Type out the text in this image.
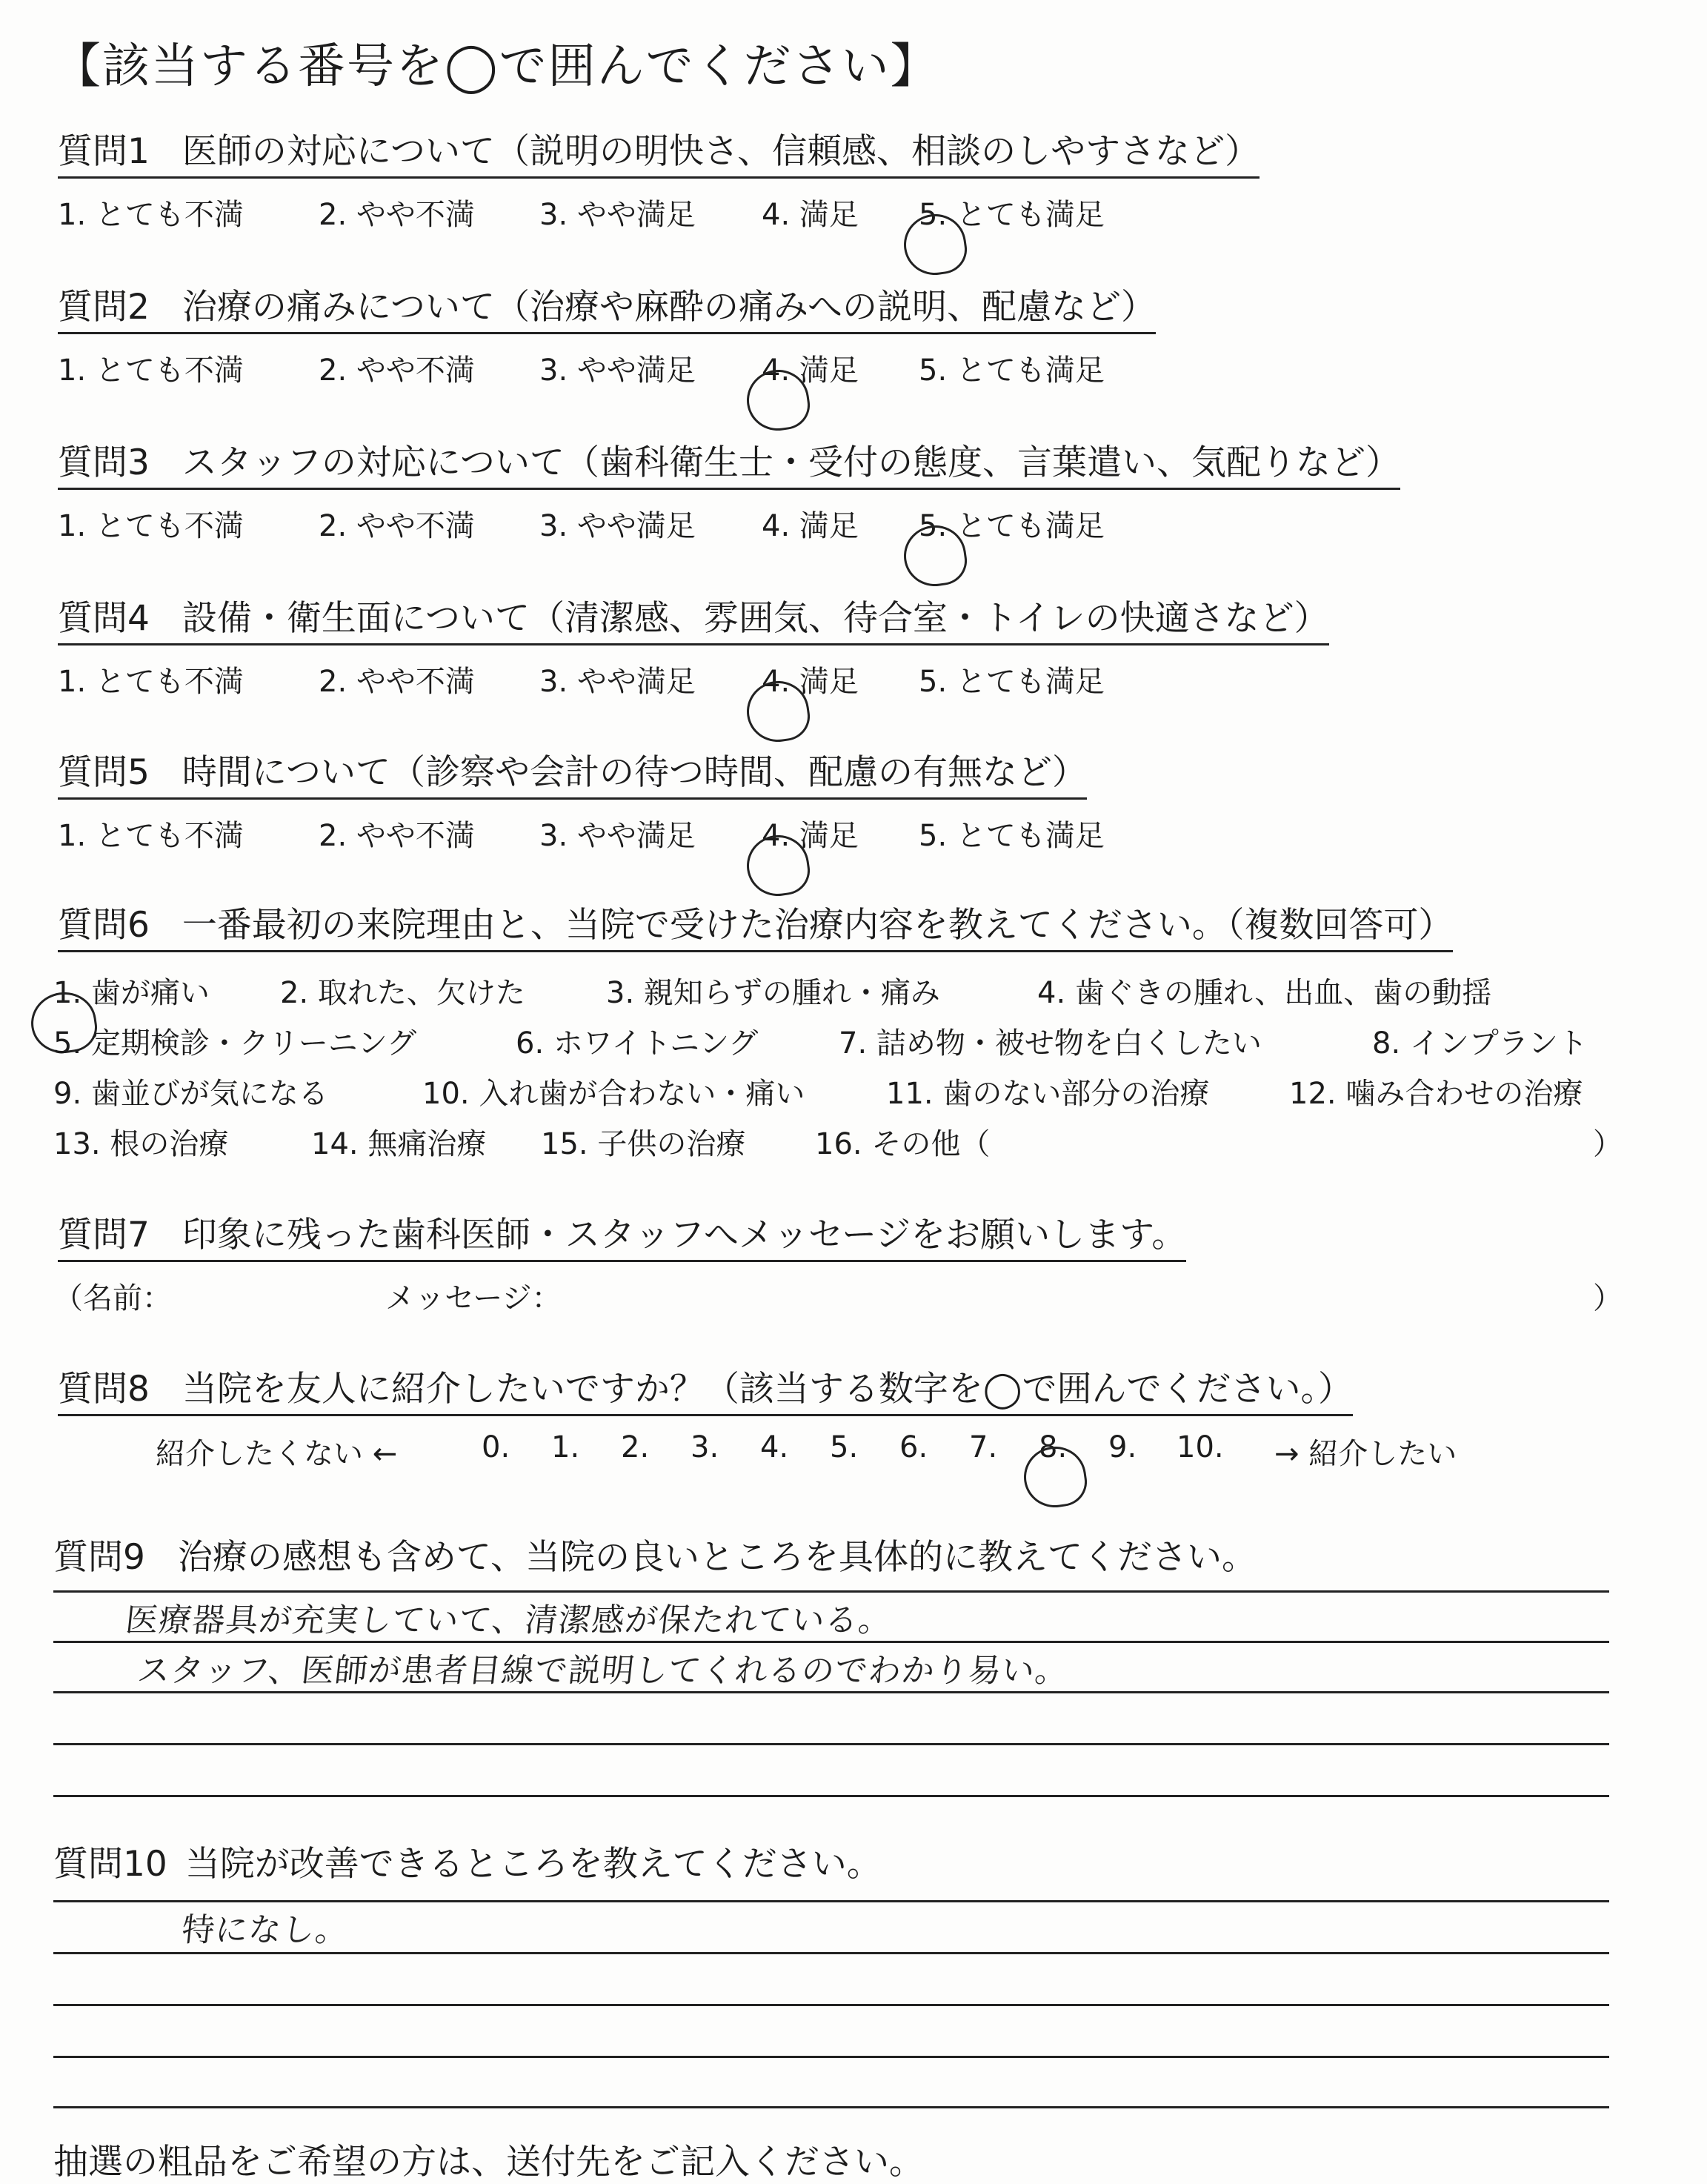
【該当する番号を◯で囲んでください】
質問1 医師の対応について（説明の明快さ、信頼感、相談のしやすさなど）
1. とても不満	2. やや不満 3. やや満足 4. 満足 5. とても満足
質問2 治療の痛みについて（治療や麻酔の痛みへの説明、配慮など）
1. とても不満	2. やや不満 3. やや満足 4. 満足 5. とても満足
質問3 スタッフの対応について（歯科衛生士・受付の態度、言葉遣い、気配りなど）
1. とても不満	2. やや不満 3. やや満足 4. 満足 5. とても満足
質問4 設備・衛生面について（清潔感、雰囲気、待合室・トイレの快適さなど）
1. とても不満	2. やや不満 3. やや満足 4. 満足 5. とても満足
質問5 時間について（診察や会計の待つ時間、配慮の有無など）
1. とても不満	2. やや不満 3. やや満足 4. 満足 5. とても満足
質問6 一番最初の来院理由と、当院で受けた治療内容を教えてください。（複数回答可）
1. 歯が痛い 2. 取れた、欠けた	3. 親知らずの腫れ・痛み	4. 歯ぐきの腫れ、出血、歯の動揺
5. 定期検診・クリーニング	6. ホワイトニング	7. 詰め物・被せ物を白くしたい	8. インプラント
9. 歯並びが気になる	10. 入れ歯が合わない・痛い	11. 歯のない部分の治療	12. 噛み合わせの治療
13. 根の治療	14. 無痛治療 15. 子供の治療 16. その他（	）
質問7 印象に残った歯科医師・スタッフへメッセージをお願いします。
（名前：	メッセージ：	）
質問8 当院を友人に紹介したいですか？（該当する数字を◯で囲んでください。）
紹介したくない ←	0. 1. 2. 3. 4. 5. 6. 7. 8. 9. 10. → 紹介したい
質問9 治療の感想も含めて、当院の良いところを具体的に教えてください。
医療器具が充実していて、清潔感が保たれている。
スタッフ、医師が患者目線で説明してくれるのでわかり易い。
質問10 当院が改善できるところを教えてください。
特になし。
抽選の粗品をご希望の方は、送付先をご記入ください。
